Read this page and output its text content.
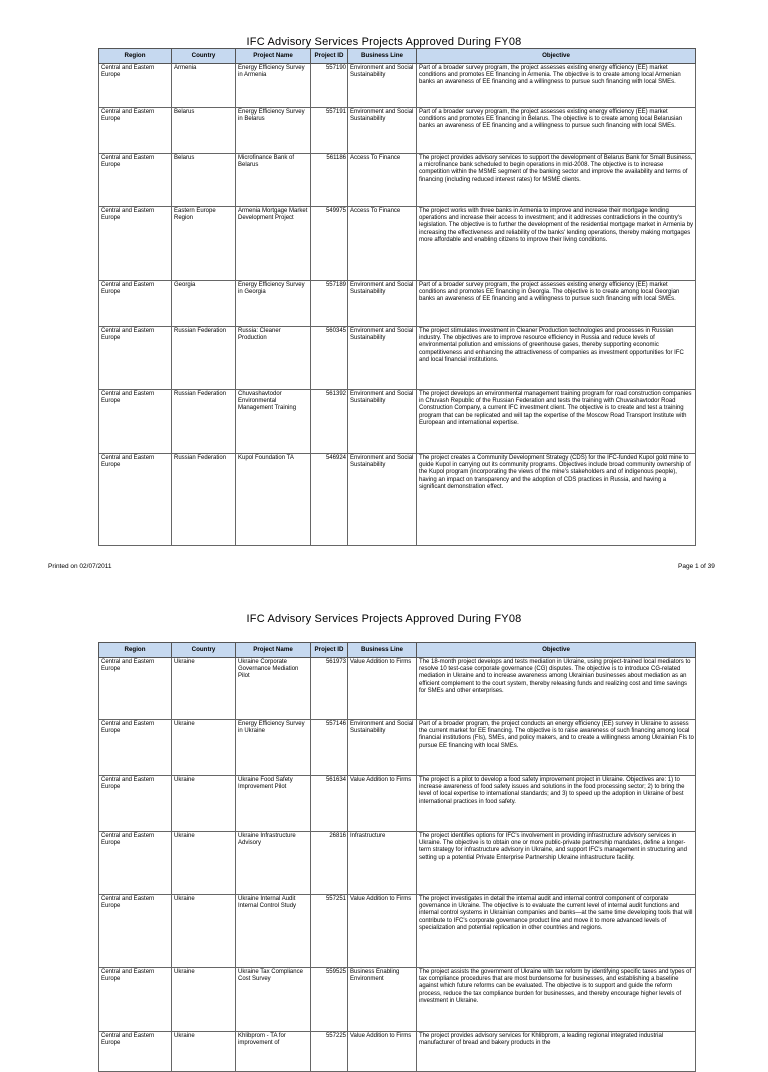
IFC Advisory Services Projects Approved During FY08
Region	Country	Project Name	Project ID	Business Line	Objective
Central and Eastern Europe	Armenia	Energy Efficiency Survey in Armenia	557190	Environment and Social Sustainability	Part of a broader survey program, the project assesses existing energy efficiency (EE) market conditions and promotes EE financing in Armenia. The objective is to create among local Armenian banks an awareness of EE financing and a willingness to pursue such financing with local SMEs.
Central and Eastern Europe	Belarus	Energy Efficiency Survey in Belarus	557191	Environment and Social Sustainability	Part of a broader survey program, the project assesses existing energy efficiency (EE) market conditions and promotes EE financing in Belarus. The objective is to create among local Belarusian banks an awareness of EE financing and a willingness to pursue such financing with local SMEs.
Central and Eastern Europe	Belarus	Microfinance Bank of Belarus	561186	Access To Finance	The project provides advisory services to support the development of Belarus Bank for Small Business, a microfinance bank scheduled to begin operations in mid-2008. The objective is to increase competition within the MSME segment of the banking sector and improve the availability and terms of financing (including reduced interest rates) for MSME clients.
Central and Eastern Europe	Eastern Europe Region	Armenia Mortgage Market Development Project	549975	Access To Finance	The project works with three banks in Armenia to improve and increase their mortgage lending operations and increase their access to investment; and it addresses contradictions in the country's legislation. The objective is to further the development of the residential mortgage market in Armenia by increasing the effectiveness and reliability of the banks' lending operations, thereby making mortgages more affordable and enabling citizens to improve their living conditions.
Central and Eastern Europe	Georgia	Energy Efficiency Survey in Georgia	557189	Environment and Social Sustainability	Part of a broader survey program, the project assesses existing energy efficiency (EE) market conditions and promotes EE financing in Georgia. The objective is to create among local Georgian banks an awareness of EE financing and a willingness to pursue such financing with local SMEs.
Central and Eastern Europe	Russian Federation	Russia: Cleaner Production	560345	Environment and Social Sustainability	The project stimulates investment in Cleaner Production technologies and processes in Russian industry. The objectives are to improve resource efficiency in Russia and reduce levels of environmental pollution and emissions of greenhouse gases, thereby supporting economic competitiveness and enhancing the attractiveness of companies as investment opportunities for IFC and local financial institutions.
Central and Eastern Europe	Russian Federation	Chuvashavtodor Environmental Management Training	561392	Environment and Social Sustainability	The project develops an environmental management training program for road construction companies in Chuvash Republic of the Russian Federation and tests the training with Chuvashavtodor Road Construction Company, a current IFC investment client. The objective is to create and test a training program that can be replicated and will tap the expertise of the Moscow Road Transport Institute with European and international expertise.
Central and Eastern Europe	Russian Federation	Kupol Foundation TA	546924	Environment and Social Sustainability	The project creates a Community Development Strategy (CDS) for the IFC-funded Kupol gold mine to guide Kupol in carrying out its community programs. Objectives include broad community ownership of the Kupol program (incorporating the views of the mine's stakeholders and of indigenous people), having an impact on transparency and the adoption of CDS practices in Russia, and having a significant demonstration effect.
Printed on 02/07/2011	Page 1 of 39
IFC Advisory Services Projects Approved During FY08
Region	Country	Project Name	Project ID	Business Line	Objective
Central and Eastern Europe	Ukraine	Ukraine Corporate Governance Mediation Pilot	561973	Value Addition to Firms	The 18-month project develops and tests mediation in Ukraine, using project-trained local mediators to resolve 10 test-case corporate governance (CG) disputes. The objective is to introduce CG-related mediation in Ukraine and to increase awareness among Ukrainian businesses about mediation as an efficient complement to the court system, thereby releasing funds and realizing cost and time savings for SMEs and other enterprises.
Central and Eastern Europe	Ukraine	Energy Efficiency Survey in Ukraine	557146	Environment and Social Sustainability	Part of a broader program, the project conducts an energy efficiency (EE) survey in Ukraine to assess the current market for EE financing. The objective is to raise awareness of such financing among local financial institutions (FIs), SMEs, and policy makers, and to create a willingness among Ukrainian FIs to pursue EE financing with local SMEs.
Central and Eastern Europe	Ukraine	Ukraine Food Safety Improvement Pilot	561634	Value Addition to Firms	The project is a pilot to develop a food safety improvement project in Ukraine. Objectives are: 1) to increase awareness of food safety issues and solutions in the food processing sector; 2) to bring the level of local expertise to international standards; and 3) to speed up the adoption in Ukraine of best international practices in food safety.
Central and Eastern Europe	Ukraine	Ukraine Infrastructure Advisory	26816	Infrastructure	The project identifies options for IFC's involvement in providing infrastructure advisory services in Ukraine. The objective is to obtain one or more public-private partnership mandates, define a longer-term strategy for infrastructure advisory in Ukraine, and support IFC's management in structuring and setting up a potential Private Enterprise Partnership Ukraine infrastructure facility.
Central and Eastern Europe	Ukraine	Ukraine Internal Audit Internal Control Study	557251	Value Addition to Firms	The project investigates in detail the internal audit and internal control component of corporate governance in Ukraine. The objective is to evaluate the current level of internal audit functions and internal control systems in Ukrainian companies and banks—at the same time developing tools that will contribute to IFC's corporate governance product line and move it to more advanced levels of specialization and potential replication in other countries and regions.
Central and Eastern Europe	Ukraine	Ukraine Tax Compliance Cost Survey	559525	Business Enabling Environment	The project assists the government of Ukraine with tax reform by identifying specific taxes and types of tax compliance procedures that are most burdensome for businesses, and establishing a baseline against which future reforms can be evaluated. The objective is to support and guide the reform process, reduce the tax compliance burden for businesses, and thereby encourage higher levels of investment in Ukraine.
Central and Eastern Europe	Ukraine	Khlibprom - TA for improvement of	557225	Value Addition to Firms	The project provides advisory services for Khlibprom, a leading regional integrated industrial manufacturer of bread and bakery products in the
